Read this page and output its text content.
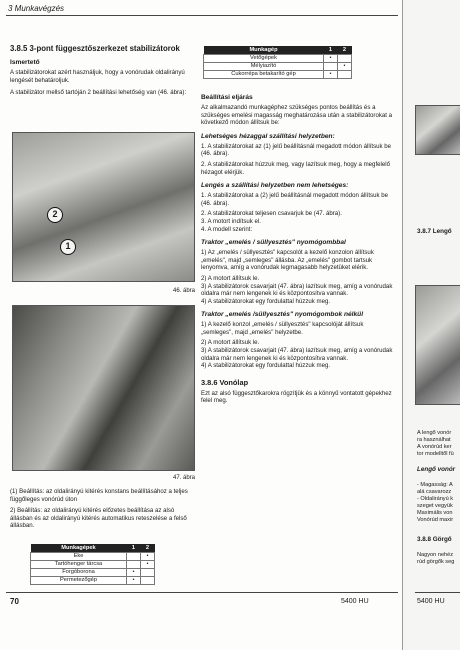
3 Munkavégzés
3.8.5 3-pont függesztőszerkezet stabilizátorok
Ismertető

A stabilizátorokat azért használjuk, hogy a vonórudak oldalirányú lengését behatároljuk.

A stabilizátor mellső tartóján 2 beállítási lehetőség van (46. ábra):

2
1
46. ábra
47. ábra

(1) Beállítás: az oldalirányú kitérés konstans beállításához a teljes függőleges vonórúd úton

2) Beállítás: az oldalirányú kitérés előzetes beállítása az alsó állásban és az oldalirányú kitérés automatikus reteszelése a felső állásban.

Munkagépek	1	2
Eke		•
Tartóhenger tárcsa		•
Forgóborona	•	
Permetezőgép	•	
Munkagép	1	2
Vetőgépek	•	
Mélyiazító		•
Cukorrépa betakarító gép	•	
Beállítási eljárás

Az alkalmazandó munkagéphez szükséges pontos beállítás és a szükséges emelési magasság meghatározása után a stabilizátorokat a következő módon állítsuk be:

Lehetséges hézaggal szállítási helyzetben:

1. A stabilizátorokat az (1) jelű beállításnál megadott módon állítsuk be (46. ábra).

2. A stabilizátorokat húzzuk meg, vagy lazítsuk meg, hogy a megfelelő hézagot elérjük.

Lengés a szállítási helyzetben nem lehetséges:

1. A stabilizátorokat a (2) jelű beállításnál megadott módon állítsuk be (46. ábra).

2. A stabilizátorokat teljesen csavarjuk be (47. ábra).

3. A motort indítsuk el.

4. A modell szerint:

Traktor „emelés / süllyesztés" nyomógombbal

1) Az „emelés / süllyesztés" kapcsolót a kezelő konzolon állítsuk „emelés", majd „semleges" állásba. Az „emelés" gombot tartsuk lenyomva, amíg a vonórudak legmagasabb helyzetüket elérik.

2) A motort állítsuk le.

3) A stabilizátorok csavarjait (47. ábra) lazítsuk meg, amíg a vonórudak oldalra már nem lengenek ki és központosítva vannak.

4) A stabilizátorokat egy fordulattal húzzuk meg.

Traktor „emelés /süllyesztés" nyomógombok nélkül

1) A kezelő konzol „emelés / süllyesztés" kapcsolóját állítsuk „semleges", majd „emelés" helyzetbe.

2) A motort állítsuk le.

3) A stabilizátorok csavarjait (47. ábra) lazítsuk meg, amíg a vonórudak oldalra már nem lengenek ki és központosítva vannak.

4) A stabilizátorokat egy fordulattal húzzuk meg.

3.8.6 Vonólap

Ezt az alsó függesztőkarokra rögzítjük és a könnyű vontatott gépekhez felel meg.

70	5400 HU
3.8.7 Lengő
A lengő vonór
ra használhat
A vonórúd ker
tor modelltől fü
Lengő vonór
- Magasság: A
alá csavarozz
- Oldalirányú k
szeget vegyük
Maximális von
Vonórúd maxir
3.8.8 Görgő
Nagyon nehéz
rúd görgők seg
5400 HU
